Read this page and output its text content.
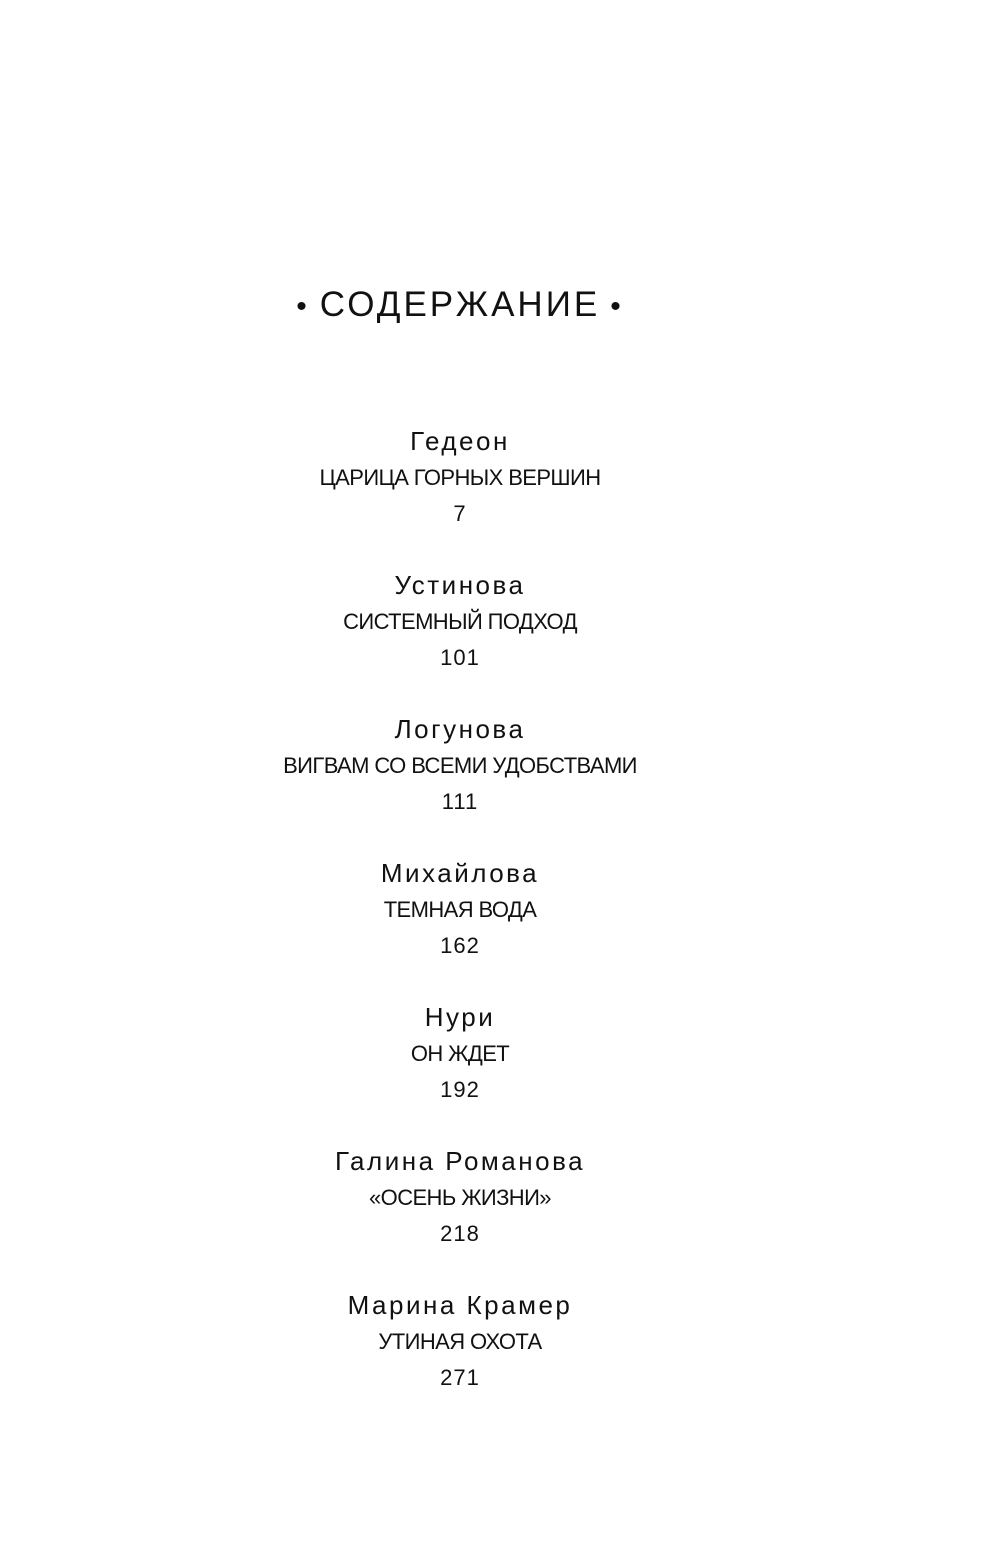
• СОДЕРЖАНИЕ •
Гедеон
ЦАРИЦА ГОРНЫХ ВЕРШИН
7
Устинова
СИСТЕМНЫЙ ПОДХОД
101
Логунова
ВИГВАМ СО ВСЕМИ УДОБСТВАМИ
111
Михайлова
ТЕМНАЯ ВОДА
162
Нури
ОН ЖДЕТ
192
Галина Романова
«ОСЕНЬ ЖИЗНИ»
218
Марина Крамер
УТИНАЯ ОХОТА
271
